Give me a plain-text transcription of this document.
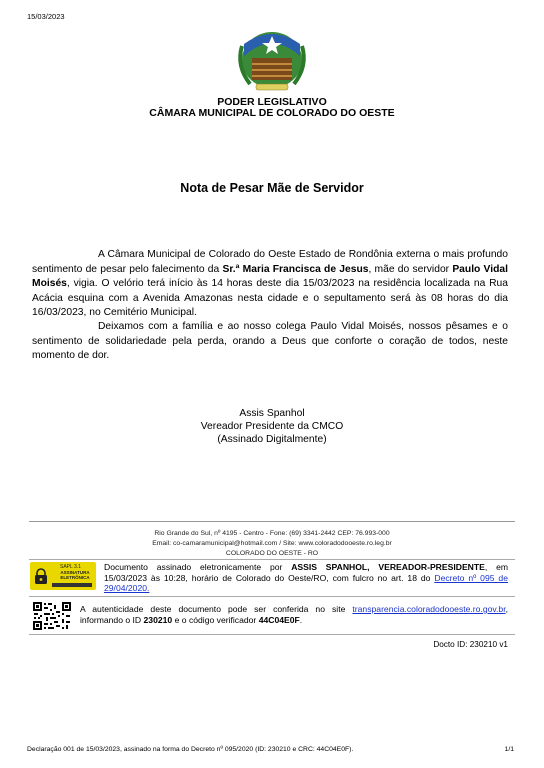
15/03/2023
PODER LEGISLATIVO
CÂMARA MUNICIPAL DE COLORADO DO OESTE
Nota de Pesar Mãe de Servidor
A Câmara Municipal de Colorado do Oeste Estado de Rondônia externa o mais profundo sentimento de pesar pelo falecimento da Sr.ª Maria Francisca de Jesus, mãe do servidor Paulo Vidal Moisés, vigia. O velório terá início às 14 horas deste dia 15/03/2023 na residência localizada na Rua Acácia esquina com a Avenida Amazonas nesta cidade e o sepultamento será às 08 horas do dia 16/03/2023, no Cemitério Municipal.
Deixamos com a família e ao nosso colega Paulo Vidal Moisés, nossos pêsames e o sentimento de solidariedade pela perda, orando a Deus que conforte o coração de todos, neste momento de dor.
Assis Spanhol
Vereador Presidente da CMCO
(Assinado Digitalmente)
Rio Grande do Sul, nº 4195 - Centro - Fone: (69) 3341-2442 CEP: 76.993-000
Email: co-camaramunicipal@hotmail.com / Site: www.coloradodooeste.ro.leg.br
COLORADO DO OESTE - RO
SAPL 3.1
ASSINATURA ELETRÔNICA
Documento assinado eletronicamente por ASSIS SPANHOL, VEREADOR-PRESIDENTE, em 15/03/2023 às 10:28, horário de Colorado do Oeste/RO, com fulcro no art. 18 do Decreto nº 095 de 29/04/2020.
A autenticidade deste documento pode ser conferida no site transparencia.coloradodooeste.ro.gov.br, informando o ID 230210 e o código verificador 44C04E0F.
Docto ID: 230210 v1
Declaração 001 de 15/03/2023, assinado na forma do Decreto nº 095/2020 (ID: 230210 e CRC: 44C04E0F).	1/1
